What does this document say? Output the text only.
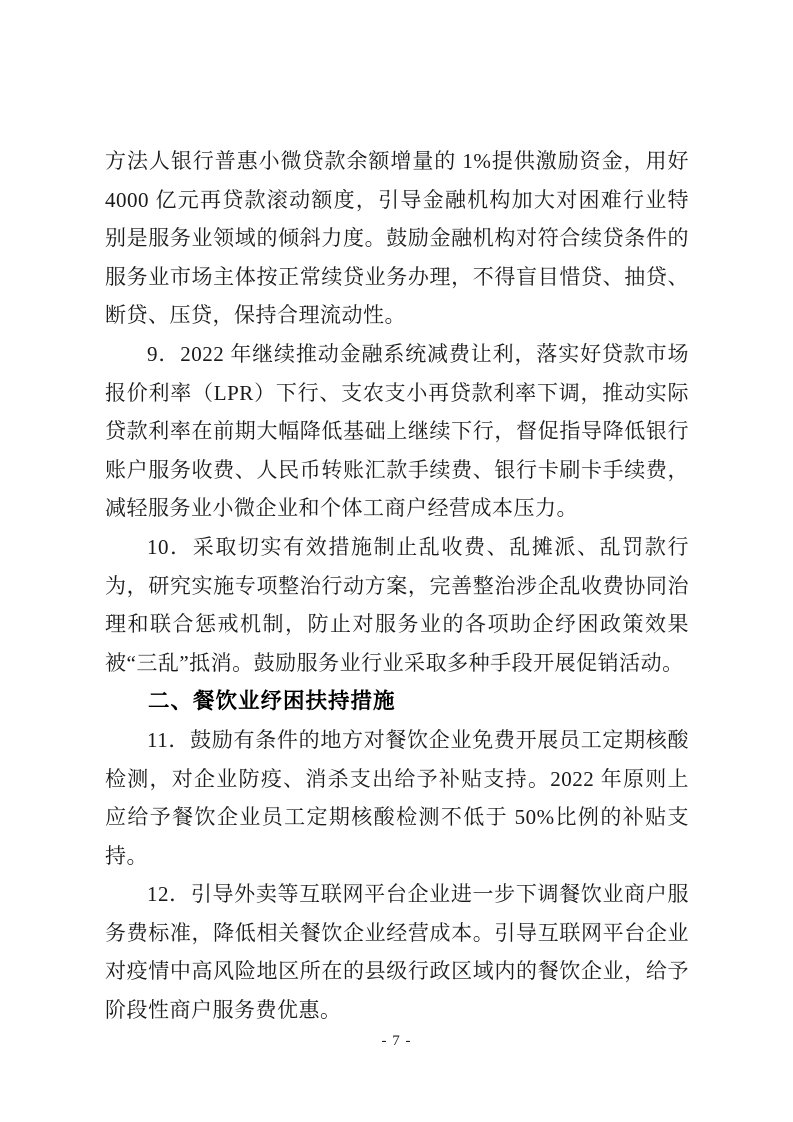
方法人银行普惠小微贷款余额增量的 1%提供激励资金，用好 4000 亿元再贷款滚动额度，引导金融机构加大对困难行业特别是服务业领域的倾斜力度。鼓励金融机构对符合续贷条件的服务业市场主体按正常续贷业务办理，不得盲目惜贷、抽贷、断贷、压贷，保持合理流动性。

9．2022 年继续推动金融系统减费让利，落实好贷款市场报价利率（LPR）下行、支农支小再贷款利率下调，推动实际贷款利率在前期大幅降低基础上继续下行，督促指导降低银行账户服务收费、人民币转账汇款手续费、银行卡刷卡手续费，减轻服务业小微企业和个体工商户经营成本压力。

10．采取切实有效措施制止乱收费、乱摊派、乱罚款行为，研究实施专项整治行动方案，完善整治涉企乱收费协同治理和联合惩戒机制，防止对服务业的各项助企纾困政策效果被“三乱”抵消。鼓励服务业行业采取多种手段开展促销活动。

二、餐饮业纾困扶持措施

11．鼓励有条件的地方对餐饮企业免费开展员工定期核酸检测，对企业防疫、消杀支出给予补贴支持。2022 年原则上应给予餐饮企业员工定期核酸检测不低于 50%比例的补贴支持。

12．引导外卖等互联网平台企业进一步下调餐饮业商户服务费标准，降低相关餐饮企业经营成本。引导互联网平台企业对疫情中高风险地区所在的县级行政区域内的餐饮企业，给予阶段性商户服务费优惠。

- 7 -
